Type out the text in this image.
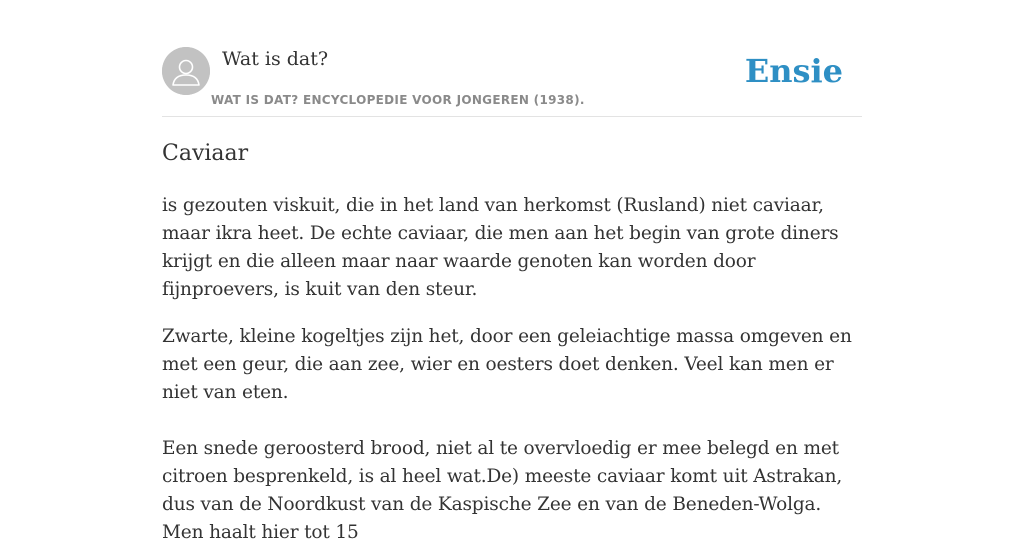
Wat is dat?
WAT IS DAT? ENCYCLOPEDIE VOOR JONGEREN (1938).
Ensie
Caviaar

is gezouten viskuit, die in het land van herkomst (Rusland) niet caviaar, maar ikra heet. De echte caviaar, die men aan het begin van grote diners krijgt en die alleen maar naar waarde genoten kan worden door fijnproevers, is kuit van den steur.

Zwarte, kleine kogeltjes zijn het, door een geleiachtige massa omgeven en met een geur, die aan zee, wier en oesters doet denken. Veel kan men er niet van eten.

Een snede geroosterd brood, niet al te overvloedig er mee belegd en met citroen besprenkeld, is al heel wat.De) meeste caviaar komt uit Astrakan, dus van de Noordkust van de Kaspische Zee en van de Beneden-Wolga. Men haalt hier tot 15
